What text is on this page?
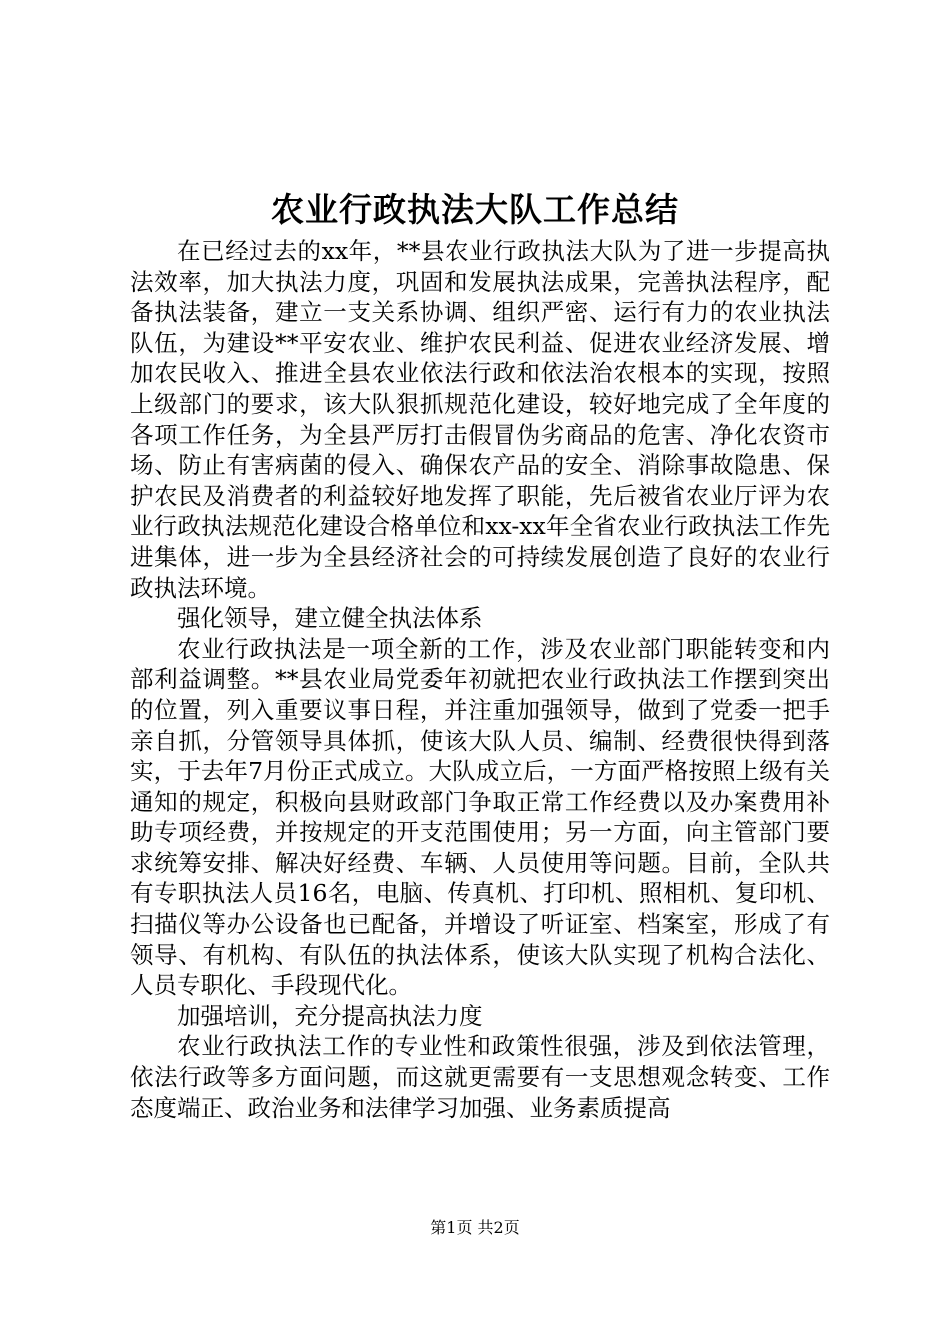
农业行政执法大队工作总结

在已经过去的xx年，**县农业行政执法大队为了进一步提高执法效率，加大执法力度，巩固和发展执法成果，完善执法程序，配备执法装备，建立一支关系协调、组织严密、运行有力的农业执法队伍，为建设**平安农业、维护农民利益、促进农业经济发展、增加农民收入、推进全县农业依法行政和依法治农根本的实现，按照上级部门的要求，该大队狠抓规范化建设，较好地完成了全年度的各项工作任务，为全县严厉打击假冒伪劣商品的危害、净化农资市场、防止有害病菌的侵入、确保农产品的安全、消除事故隐患、保护农民及消费者的利益较好地发挥了职能，先后被省农业厅评为农业行政执法规范化建设合格单位和xx-xx年全省农业行政执法工作先进集体，进一步为全县经济社会的可持续发展创造了良好的农业行政执法环境。

强化领导，建立健全执法体系

农业行政执法是一项全新的工作，涉及农业部门职能转变和内部利益调整。**县农业局党委年初就把农业行政执法工作摆到突出的位置，列入重要议事日程，并注重加强领导，做到了党委一把手亲自抓，分管领导具体抓，使该大队人员、编制、经费很快得到落实，于去年7月份正式成立。大队成立后，一方面严格按照上级有关通知的规定，积极向县财政部门争取正常工作经费以及办案费用补助专项经费，并按规定的开支范围使用；另一方面，向主管部门要求统筹安排、解决好经费、车辆、人员使用等问题。目前，全队共有专职执法人员16名，电脑、传真机、打印机、照相机、复印机、扫描仪等办公设备也已配备，并增设了听证室、档案室，形成了有领导、有机构、有队伍的执法体系，使该大队实现了机构合法化、人员专职化、手段现代化。

加强培训，充分提高执法力度

农业行政执法工作的专业性和政策性很强，涉及到依法管理，依法行政等多方面问题，而这就更需要有一支思想观念转变、工作态度端正、政治业务和法律学习加强、业务素质提高

第1页 共2页
